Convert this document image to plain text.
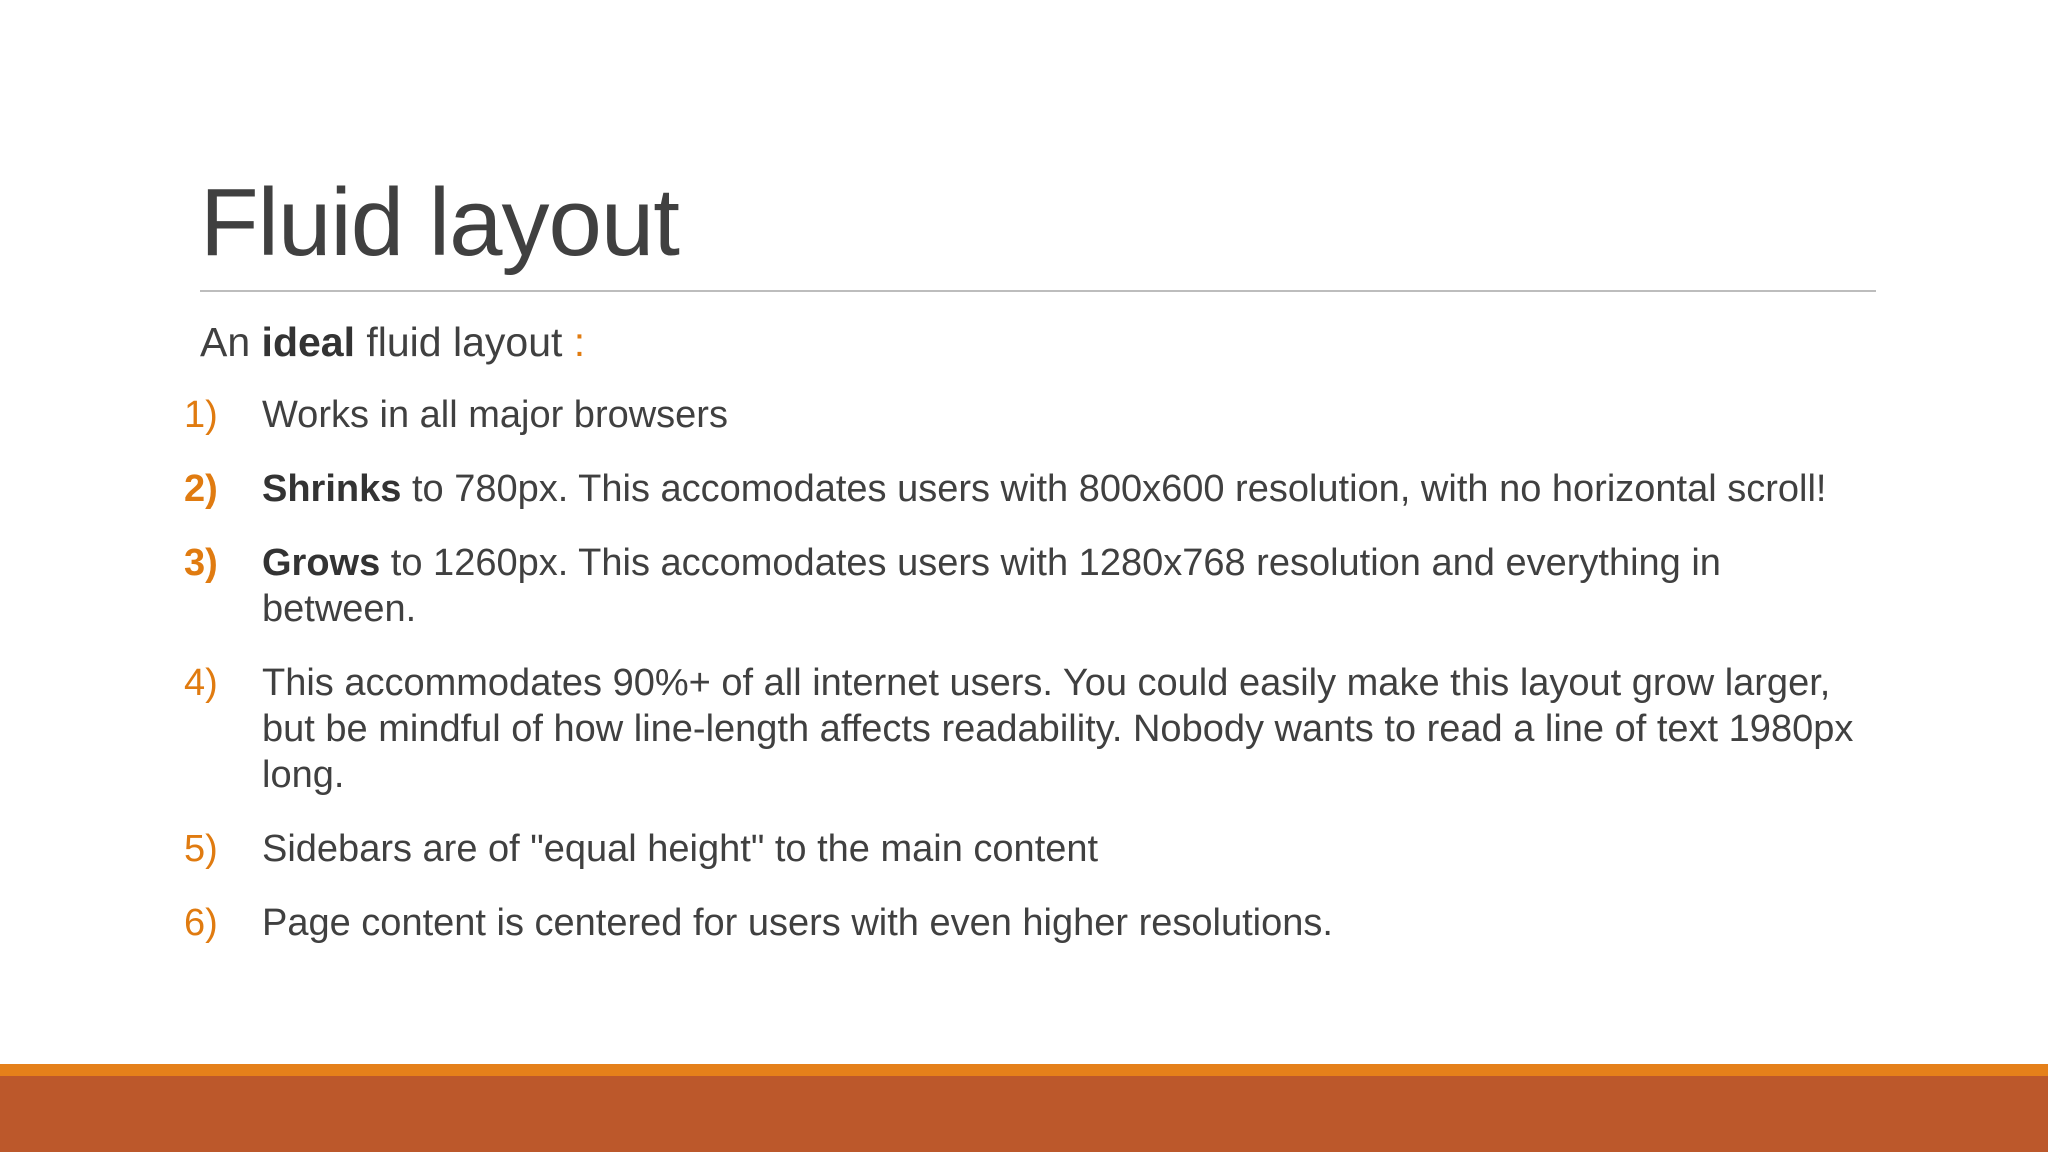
Fluid layout
An ideal fluid layout :
1)	Works in all major browsers
2)	Shrinks to 780px. This accomodates users with 800x600 resolution, with no horizontal scroll!
3)	Grows to 1260px. This accomodates users with 1280x768 resolution and everything in between.
4)	This accommodates 90%+ of all internet users. You could easily make this layout grow larger, but be mindful of how line-length affects readability. Nobody wants to read a line of text 1980px long.
5)	Sidebars are of "equal height" to the main content
6)	Page content is centered for users with even higher resolutions.
